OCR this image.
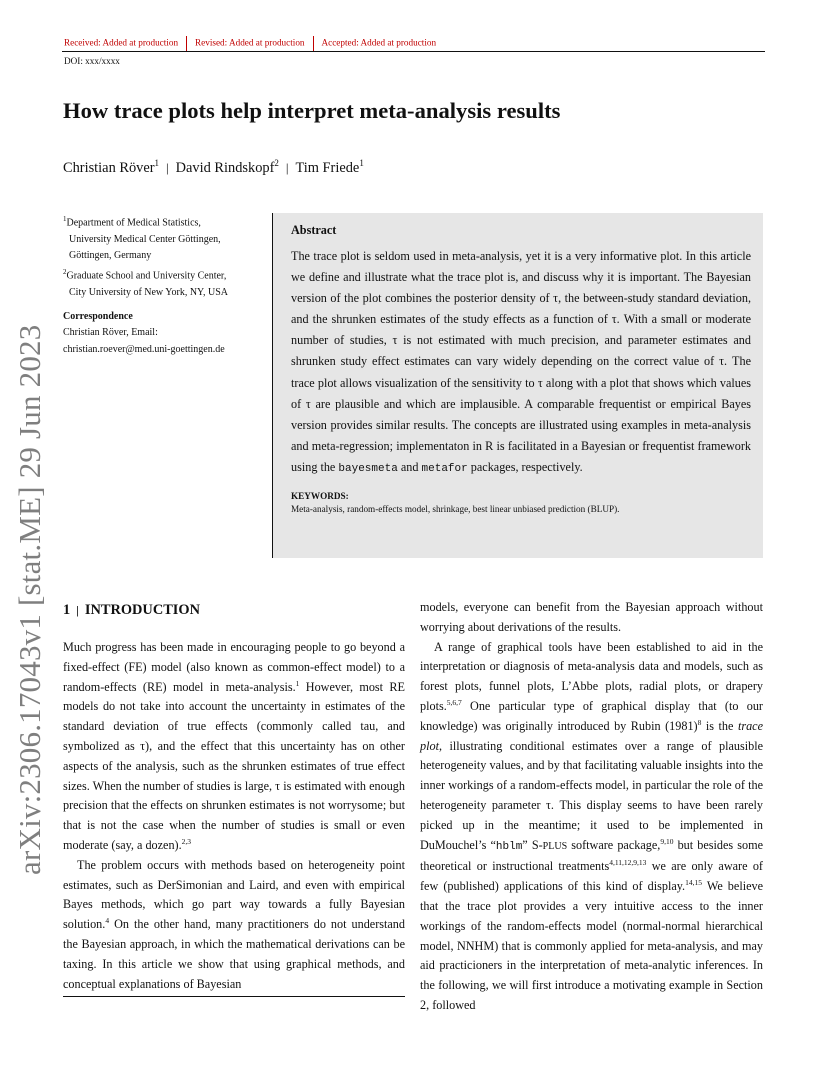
arXiv:2306.17043v1 [stat.ME] 29 Jun 2023
Received: Added at production Revised: Added at production Accepted: Added at production
DOI: xxx/xxxx
How trace plots help interpret meta-analysis results
Christian Röver$^1$ | David Rindskopf$^2$ | Tim Friede$^1$
$^1$Department of Medical Statistics,
University Medical Center Göttingen,
Göttingen, Germany
$^2$Graduate School and University Center,
City University of New York, NY, USA
Correspondence
Christian Röver, Email:
christian.roever@med.uni-goettingen.de
Abstract

The trace plot is seldom used in meta-analysis, yet it is a very informative plot. In this article we define and illustrate what the trace plot is, and discuss why it is important. The Bayesian version of the plot combines the posterior density of τ, the between-study standard deviation, and the shrunken estimates of the study effects as a function of τ. With a small or moderate number of studies, τ is not estimated with much precision, and parameter estimates and shrunken study effect estimates can vary widely depending on the correct value of τ. The trace plot allows visualization of the sensitivity to τ along with a plot that shows which values of τ are plausible and which are implausible. A comparable frequentist or empirical Bayes version provides similar results. The concepts are illustrated using examples in meta-analysis and meta-regression; implementaton in R is facilitated in a Bayesian or frequentist framework using the bayesmeta and metafor packages, respectively.

KEYWORDS:
Meta-analysis, random-effects model, shrinkage, best linear unbiased prediction (BLUP).
1 | INTRODUCTION

Much progress has been made in encouraging people to go beyond a fixed-effect (FE) model (also known as common-effect model) to a random-effects (RE) model in meta-analysis.$^1$ However, most RE models do not take into account the uncertainty in estimates of the standard deviation of true effects (commonly called tau, and symbolized as τ), and the effect that this uncertainty has on other aspects of the analysis, such as the shrunken estimates of true effect sizes. When the number of studies is large, τ is estimated with enough precision that the effects on shrunken estimates is not worrysome; but that is not the case when the number of studies is small or even moderate (say, a dozen).$^{2,3}$

The problem occurs with methods based on heterogeneity point estimates, such as DerSimonian and Laird, and even with empirical Bayes methods, which go part way towards a fully Bayesian solution.$^4$ On the other hand, many practitioners do not understand the Bayesian approach, in which the mathematical derivations can be taxing. In this article we show that using graphical methods, and conceptual explanations of Bayesian

models, everyone can benefit from the Bayesian approach without worrying about derivations of the results.

A range of graphical tools have been established to aid in the interpretation or diagnosis of meta-analysis data and models, such as forest plots, funnel plots, L’Abbe plots, radial plots, or drapery plots.$^{5,6,7}$ One particular type of graphical display that (to our knowledge) was originally introduced by Rubin (1981)$^8$ is the trace plot, illustrating conditional estimates over a range of plausible heterogeneity values, and by that facilitating valuable insights into the inner workings of a random-effects model, in particular the role of the heterogeneity parameter τ. This display seems to have been rarely picked up in the meantime; it used to be implemented in DuMouchel’s “hblm” S-PLUS software package,$^{9,10}$ but besides some theoretical or instructional treatments$^{4,11,12,9,13}$ we are only aware of few (published) applications of this kind of display.$^{14,15}$ We believe that the trace plot provides a very intuitive access to the inner workings of the random-effects model (normal-normal hierarchical model, NNHM) that is commonly applied for meta-analysis, and may aid practicioners in the interpretation of meta-analytic inferences. In the following, we will first introduce a motivating example in Section 2, followed
